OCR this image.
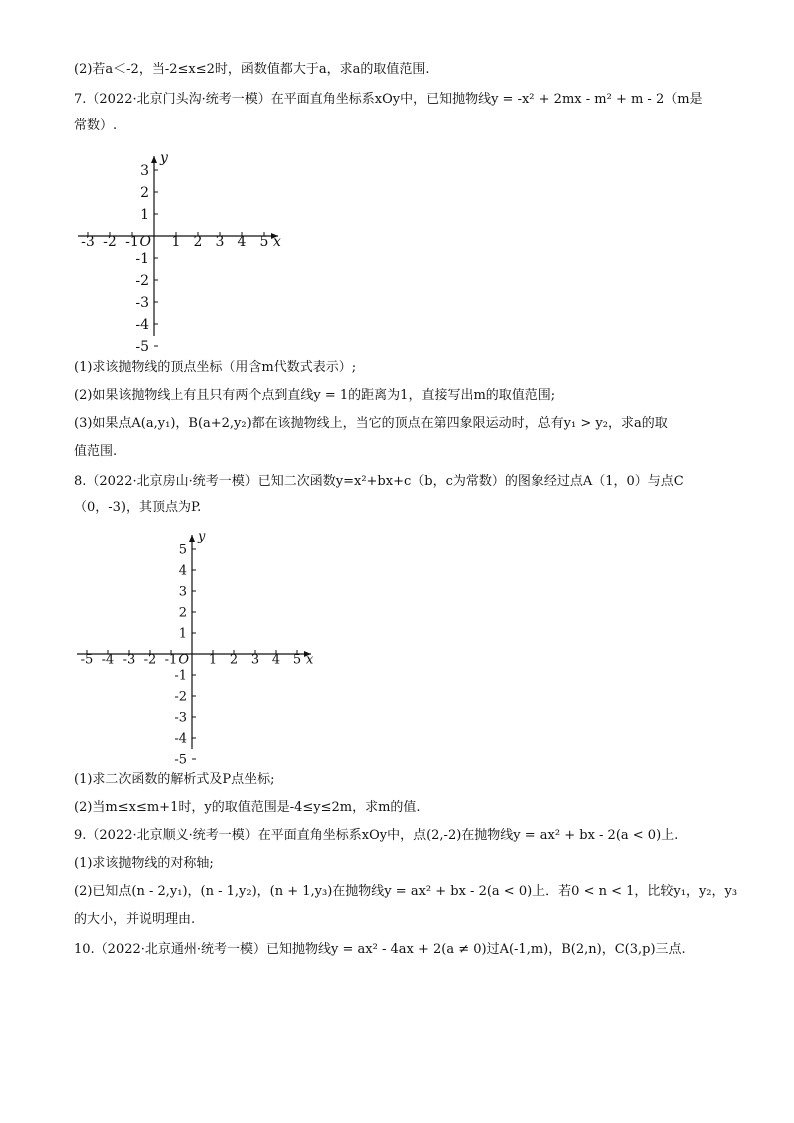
(2)若a＜-2，当-2≤x≤2时，函数值都大于a，求a的取值范围.
7.（2022·北京门头沟·统考一模）在平面直角坐标系xOy中，已知抛物线y = -x² + 2mx - m² + m - 2（m是
常数）.
-3 -2 -1 1 2 3 4 5
3
2
1
-1
-2
-3
-4
-5
O	x
y
(1)求该抛物线的顶点坐标（用含m代数式表示）;
(2)如果该抛物线上有且只有两个点到直线y = 1的距离为1，直接写出m的取值范围;
(3)如果点A(a,y₁)，B(a+2,y₂)都在该抛物线上，当它的顶点在第四象限运动时，总有y₁ > y₂，求a的取
值范围.
8.（2022·北京房山·统考一模）已知二次函数y=x²+bx+c（b，c为常数）的图象经过点A（1，0）与点C
（0，-3)，其顶点为P.
-5 -4 -3 -2 -1 1 2 3 4 5
5
4
3
2
1
-1
-2
-3
-4
-5
O	x
y
(1)求二次函数的解析式及P点坐标;
(2)当m≤x≤m+1时，y的取值范围是-4≤y≤2m，求m的值.
9.（2022·北京顺义·统考一模）在平面直角坐标系xOy中，点(2,-2)在抛物线y = ax² + bx - 2(a < 0)上.
(1)求该抛物线的对称轴;
(2)已知点(n - 2,y₁)，(n - 1,y₂)，(n + 1,y₃)在抛物线y = ax² + bx - 2(a < 0)上．若0 < n < 1，比较y₁，y₂，y₃
的大小，并说明理由.
10.（2022·北京通州·统考一模）已知抛物线y = ax² - 4ax + 2(a ≠ 0)过A(-1,m)，B(2,n)，C(3,p)三点.
